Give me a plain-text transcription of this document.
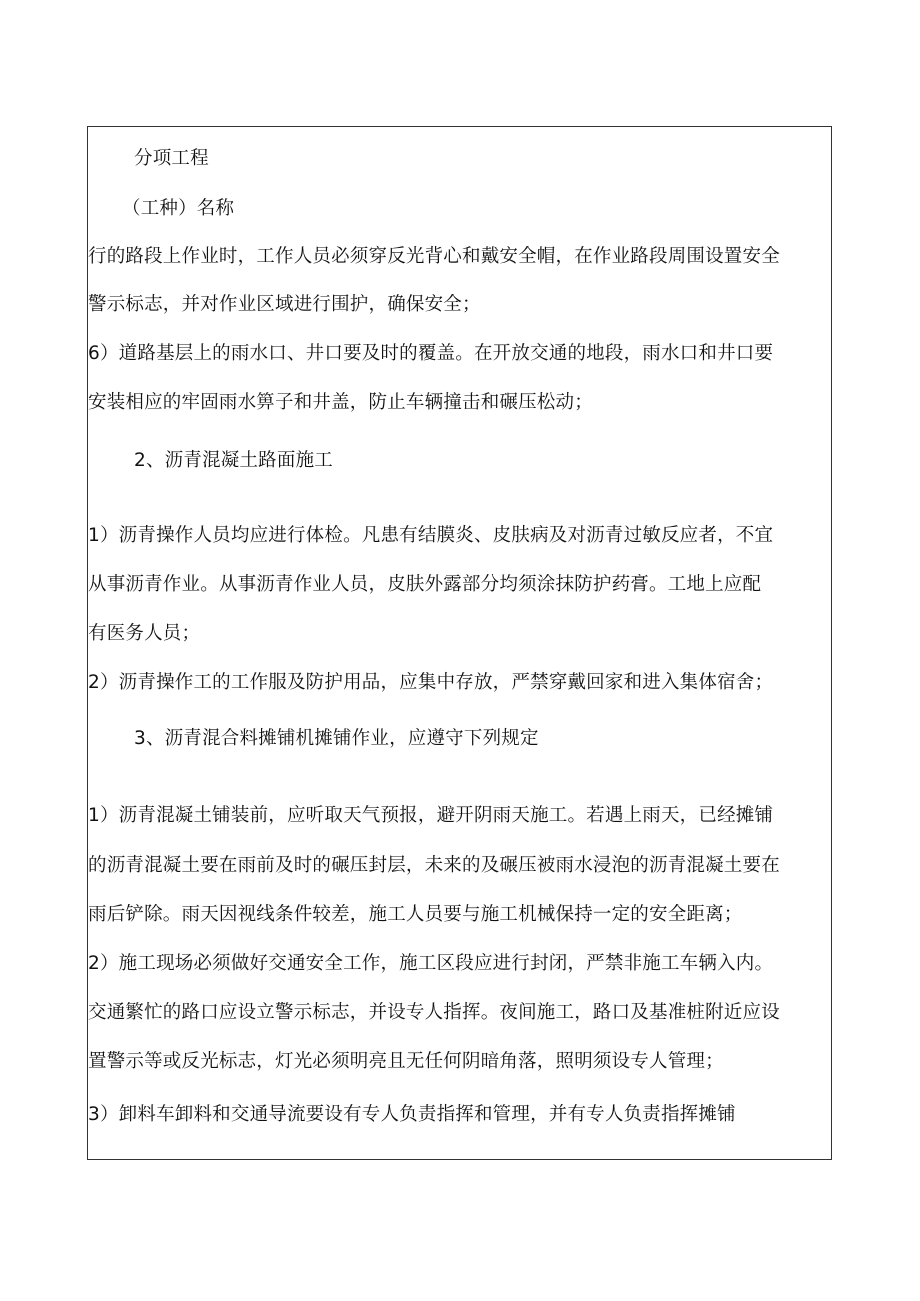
分项工程
（工种）名称
行的路段上作业时，工作人员必须穿反光背心和戴安全帽，在作业路段周围设置安全
警示标志，并对作业区域进行围护，确保安全；
6）道路基层上的雨水口、井口要及时的覆盖。在开放交通的地段，雨水口和井口要
安装相应的牢固雨水箅子和井盖，防止车辆撞击和碾压松动；
2、沥青混凝土路面施工
1）沥青操作人员均应进行体检。凡患有结膜炎、皮肤病及对沥青过敏反应者，不宜
从事沥青作业。从事沥青作业人员，皮肤外露部分均须涂抹防护药膏。工地上应配
有医务人员；
2）沥青操作工的工作服及防护用品，应集中存放，严禁穿戴回家和进入集体宿舍；
3、沥青混合料摊铺机摊铺作业，应遵守下列规定
1）沥青混凝土铺装前，应听取天气预报，避开阴雨天施工。若遇上雨天，已经摊铺
的沥青混凝土要在雨前及时的碾压封层，未来的及碾压被雨水浸泡的沥青混凝土要在
雨后铲除。雨天因视线条件较差，施工人员要与施工机械保持一定的安全距离；
2）施工现场必须做好交通安全工作，施工区段应进行封闭，严禁非施工车辆入内。
交通繁忙的路口应设立警示标志，并设专人指挥。夜间施工，路口及基准桩附近应设
置警示等或反光标志，灯光必须明亮且无任何阴暗角落，照明须设专人管理；
3）卸料车卸料和交通导流要设有专人负责指挥和管理，并有专人负责指挥摊铺
